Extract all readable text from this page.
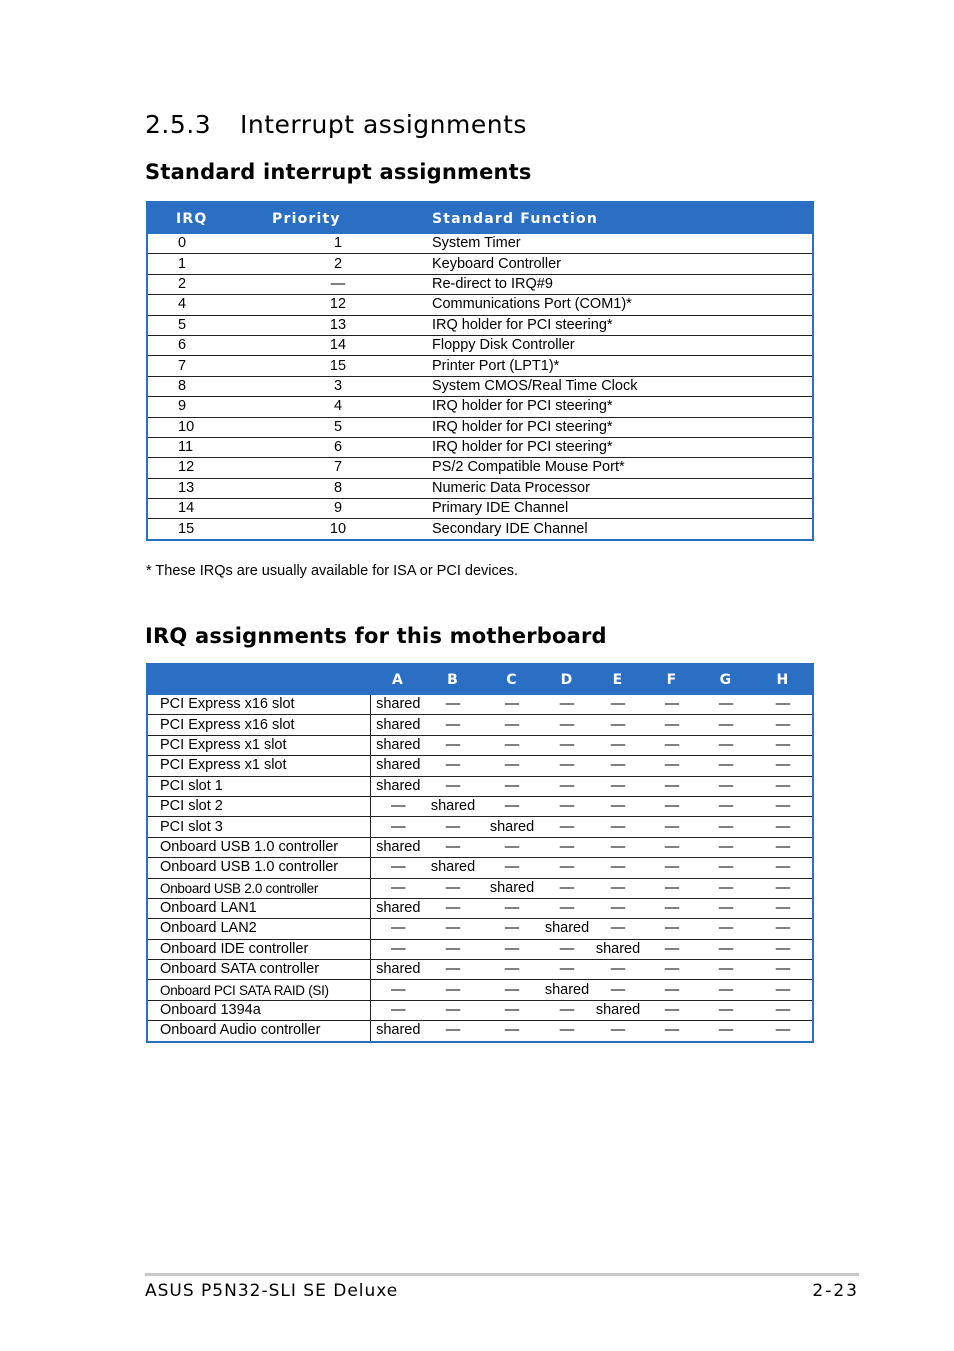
2.5.3 Interrupt assignments
Standard interrupt assignments
IRQ	Priority	Standard Function
0	1	System Timer
1	2	Keyboard Controller
2	—	Re-direct to IRQ#9
4	12	Communications Port (COM1)*
5	13	IRQ holder for PCI steering*
6	14	Floppy Disk Controller
7	15	Printer Port (LPT1)*
8	3	System CMOS/Real Time Clock
9	4	IRQ holder for PCI steering*
10	5	IRQ holder for PCI steering*
11	6	IRQ holder for PCI steering*
12	7	PS/2 Compatible Mouse Port*
13	8	Numeric Data Processor
14	9	Primary IDE Channel
15	10	Secondary IDE Channel
* These IRQs are usually available for ISA or PCI devices.
IRQ assignments for this motherboard
	A	B	C	D	E	F	G	H
PCI Express x16 slot	shared	—	—	—	—	—	—	—
PCI Express x16 slot	shared	—	—	—	—	—	—	—
PCI Express x1 slot	shared	—	—	—	—	—	—	—
PCI Express x1 slot	shared	—	—	—	—	—	—	—
PCI slot 1	shared	—	—	—	—	—	—	—
PCI slot 2	—	shared	—	—	—	—	—	—
PCI slot 3	—	—	shared	—	—	—	—	—
Onboard USB 1.0 controller	shared	—	—	—	—	—	—	—
Onboard USB 1.0 controller	—	shared	—	—	—	—	—	—
Onboard USB 2.0 controller	—	—	shared	—	—	—	—	—
Onboard LAN1	shared	—	—	—	—	—	—	—
Onboard LAN2	—	—	—	shared	—	—	—	—
Onboard IDE controller	—	—	—	—	shared	—	—	—
Onboard SATA controller	shared	—	—	—	—	—	—	—
Onboard PCI SATA RAID (SI)	—	—	—	shared	—	—	—	—
Onboard 1394a	—	—	—	—	shared	—	—	—
Onboard Audio controller	shared	—	—	—	—	—	—	—
ASUS P5N32-SLI SE Deluxe	2-23
